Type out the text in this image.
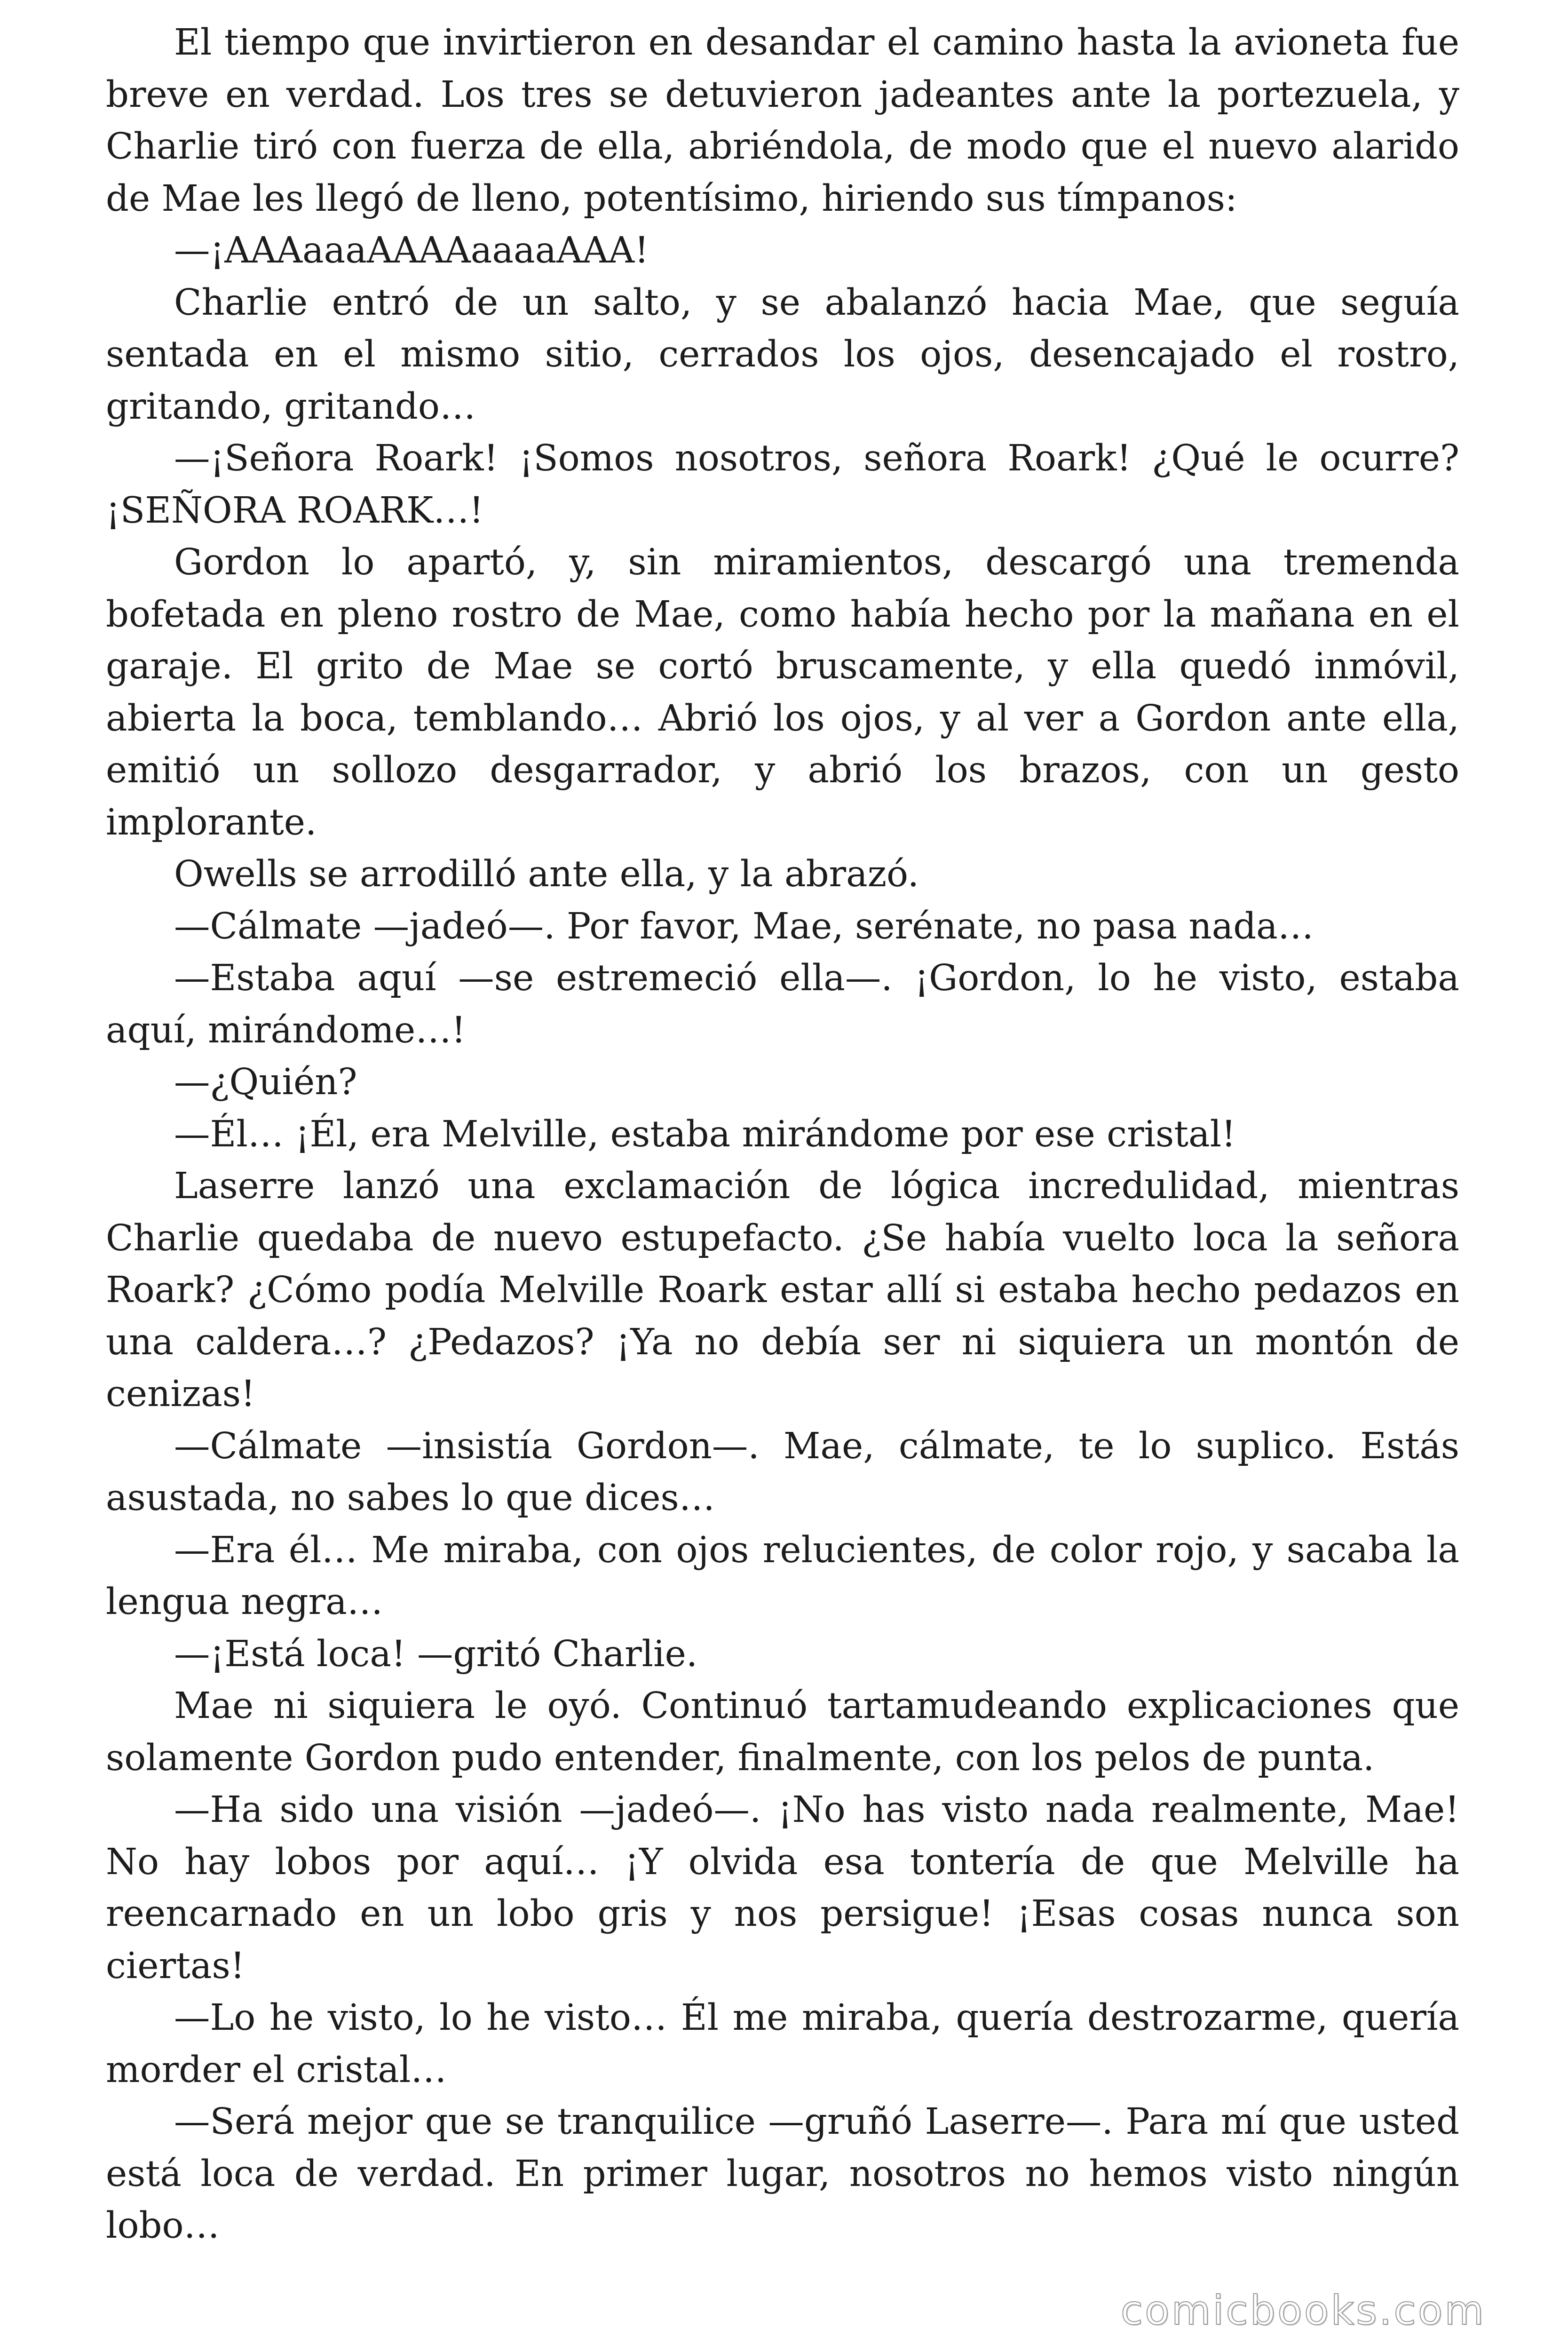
El tiempo que invirtieron en desandar el camino hasta la avioneta fue breve en verdad. Los tres se detuvieron jadeantes ante la portezuela, y Charlie tiró con fuerza de ella, abriéndola, de modo que el nuevo alarido de Mae les llegó de lleno, potentísimo, hiriendo sus tímpanos:

—¡AAAaaaAAAAaaaaAAA!

Charlie entró de un salto, y se abalanzó hacia Mae, que seguía sentada en el mismo sitio, cerrados los ojos, desencajado el rostro, gritando, gritando…

—¡Señora Roark! ¡Somos nosotros, señora Roark! ¿Qué le ocurre? ¡SEÑORA ROARK…!

Gordon lo apartó, y, sin miramientos, descargó una tremenda bofetada en pleno rostro de Mae, como había hecho por la mañana en el garaje. El grito de Mae se cortó bruscamente, y ella quedó inmóvil, abierta la boca, temblando… Abrió los ojos, y al ver a Gordon ante ella, emitió un sollozo desgarrador, y abrió los brazos, con un gesto implorante.

Owells se arrodilló ante ella, y la abrazó.

—Cálmate —jadeó—. Por favor, Mae, serénate, no pasa nada…

—Estaba aquí —se estremeció ella—. ¡Gordon, lo he visto, estaba aquí, mirándome…!

—¿Quién?

—Él… ¡Él, era Melville, estaba mirándome por ese cristal!

Laserre lanzó una exclamación de lógica incredulidad, mientras Charlie quedaba de nuevo estupefacto. ¿Se había vuelto loca la señora Roark? ¿Cómo podía Melville Roark estar allí si estaba hecho pedazos en una caldera…? ¿Pedazos? ¡Ya no debía ser ni siquiera un montón de cenizas!

—Cálmate —insistía Gordon—. Mae, cálmate, te lo suplico. Estás asustada, no sabes lo que dices…

—Era él… Me miraba, con ojos relucientes, de color rojo, y sacaba la lengua negra…

—¡Está loca! —gritó Charlie.

Mae ni siquiera le oyó. Continuó tartamudeando explicaciones que solamente Gordon pudo entender, finalmente, con los pelos de punta.

—Ha sido una visión —jadeó—. ¡No has visto nada realmente, Mae! No hay lobos por aquí… ¡Y olvida esa tontería de que Melville ha reencarnado en un lobo gris y nos persigue! ¡Esas cosas nunca son ciertas!

—Lo he visto, lo he visto… Él me miraba, quería destrozarme, quería morder el cristal…

—Será mejor que se tranquilice —gruñó Laserre—. Para mí que usted está loca de verdad. En primer lugar, nosotros no hemos visto ningún lobo…

comicbooks.com
